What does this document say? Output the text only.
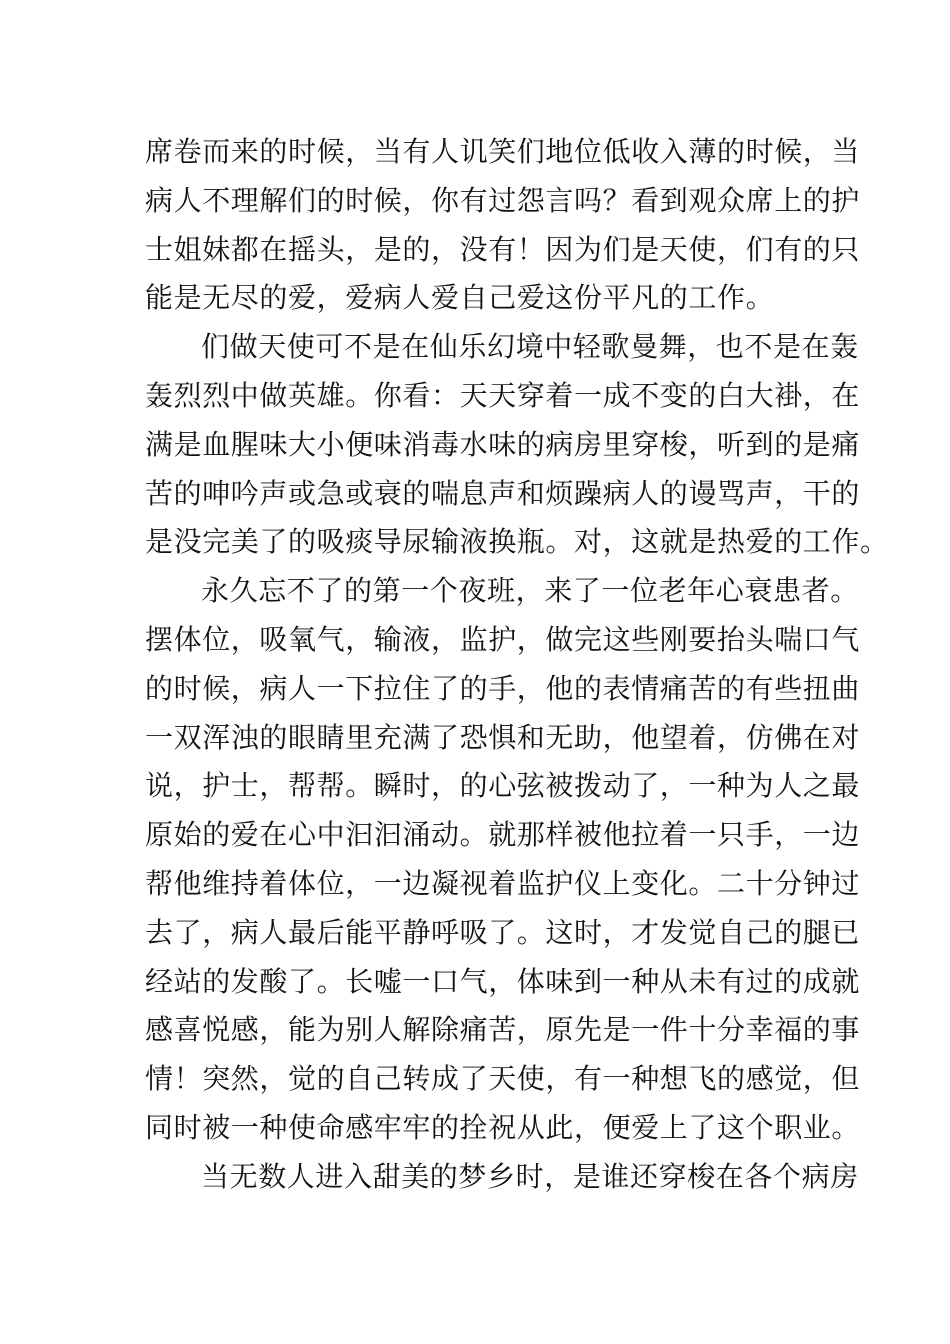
席卷而来的时候，当有人讥笑们地位低收入薄的时候，当
病人不理解们的时候，你有过怨言吗？看到观众席上的护
士姐妹都在摇头，是的，没有！因为们是天使，们有的只
能是无尽的爱，爱病人爱自己爱这份平凡的工作。
们做天使可不是在仙乐幻境中轻歌曼舞，也不是在轰
轰烈烈中做英雄。你看：天天穿着一成不变的白大褂，在
满是血腥味大小便味消毒水味的病房里穿梭，听到的是痛
苦的呻吟声或急或衰的喘息声和烦躁病人的谩骂声，干的
是没完美了的吸痰导尿输液换瓶。对，这就是热爱的工作。
永久忘不了的第一个夜班，来了一位老年心衰患者。
摆体位，吸氧气，输液，监护，做完这些刚要抬头喘口气
的时候，病人一下拉住了的手，他的表情痛苦的有些扭曲
一双浑浊的眼睛里充满了恐惧和无助，他望着，仿佛在对
说，护士，帮帮。瞬时，的心弦被拨动了，一种为人之最
原始的爱在心中汩汩涌动。就那样被他拉着一只手，一边
帮他维持着体位，一边凝视着监护仪上变化。二十分钟过
去了，病人最后能平静呼吸了。这时，才发觉自己的腿已
经站的发酸了。长嘘一口气，体味到一种从未有过的成就
感喜悦感，能为别人解除痛苦，原先是一件十分幸福的事
情！突然，觉的自己转成了天使，有一种想飞的感觉，但
同时被一种使命感牢牢的拴祝从此，便爱上了这个职业。
当无数人进入甜美的梦乡时，是谁还穿梭在各个病房
